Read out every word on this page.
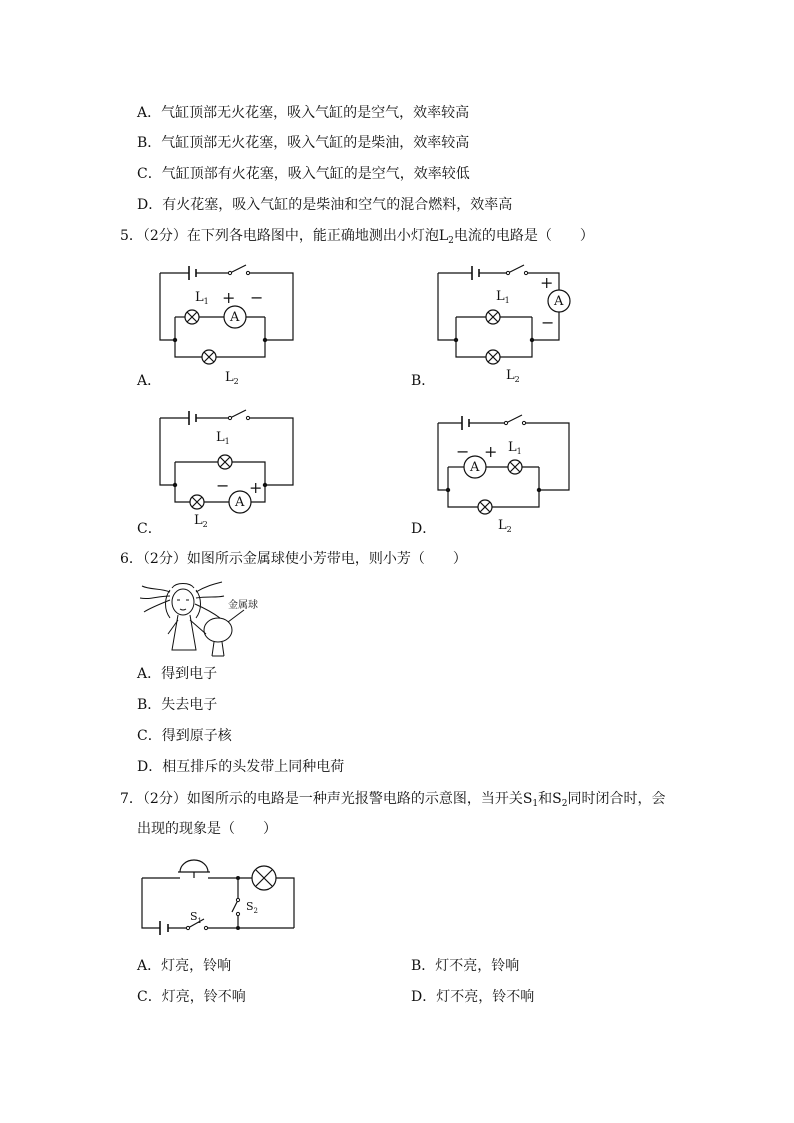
A．气缸顶部无火花塞，吸入气缸的是空气，效率较高
B．气缸顶部无火花塞，吸入气缸的是柴油，效率较高
C．气缸顶部有火花塞，吸入气缸的是空气，效率较低
D．有火花塞，吸入气缸的是柴油和空气的混合燃料，效率高
5．（2分）在下列各电路图中，能正确地测出小灯泡$L_2$电流的电路是（　　）
A
+ −
$L_1$
$L_2$
A．
A
+
−
$L_1$
$L_2$
B．
A
− +
$L_1$
$L_2$
C．
A
− + $L_1$
$L_2$
D．
6．（2分）如图所示金属球使小芳带电，则小芳（　　）
金属球
A．得到电子
B．失去电子
C．得到原子核
D．相互排斥的头发带上同种电荷
7．（2分）如图所示的电路是一种声光报警电路的示意图，当开关$S_1$和$S_2$同时闭合时，会
出现的现象是（　　）
$S_1$
$S_2$
A．灯亮，铃响	B．灯不亮，铃响
C．灯亮，铃不响	D．灯不亮，铃不响
